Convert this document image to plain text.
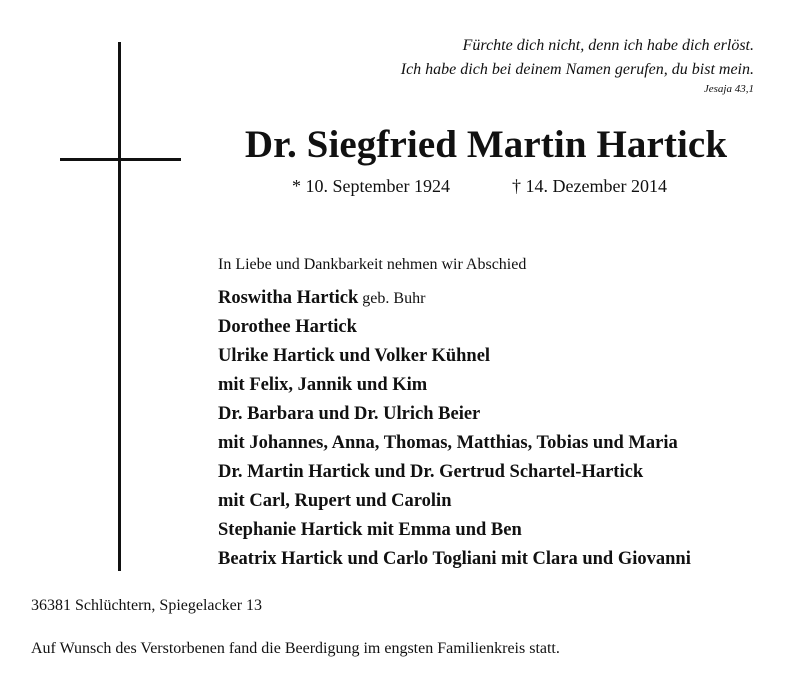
Fürchte dich nicht, denn ich habe dich erlöst.
Ich habe dich bei deinem Namen gerufen, du bist mein.
Jesaja 43,1
Dr. Siegfried Martin Hartick
* 10. September 1924	† 14. Dezember 2014
In Liebe und Dankbarkeit nehmen wir Abschied
Roswitha Hartick geb. Buhr
Dorothee Hartick
Ulrike Hartick und Volker Kühnel
mit Felix, Jannik und Kim
Dr. Barbara und Dr. Ulrich Beier
mit Johannes, Anna, Thomas, Matthias, Tobias und Maria
Dr. Martin Hartick und Dr. Gertrud Schartel-Hartick
mit Carl, Rupert und Carolin
Stephanie Hartick mit Emma und Ben
Beatrix Hartick und Carlo Togliani mit Clara und Giovanni
36381 Schlüchtern, Spiegelacker 13
Auf Wunsch des Verstorbenen fand die Beerdigung im engsten Familienkreis statt.
